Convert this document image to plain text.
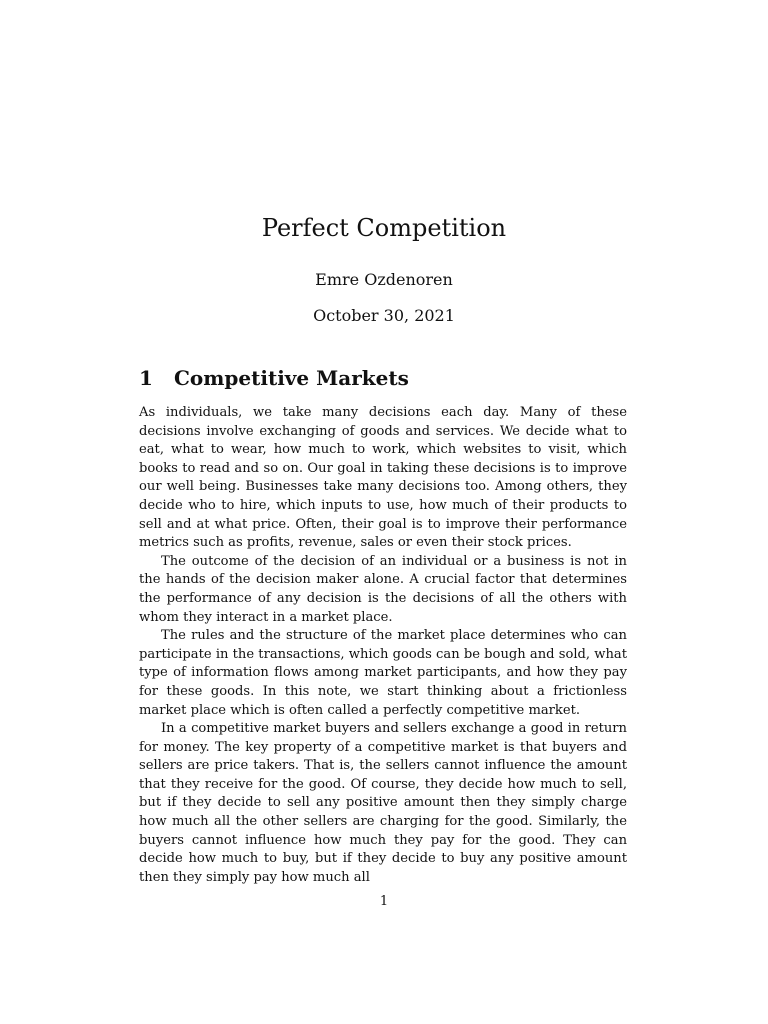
Perfect Competition

Emre Ozdenoren

October 30, 2021

1 Competitive Markets

As individuals, we take many decisions each day. Many of these decisions involve exchanging of goods and services. We decide what to eat, what to wear, how much to work, which websites to visit, which books to read and so on. Our goal in taking these decisions is to improve our well being. Businesses take many decisions too. Among others, they decide who to hire, which inputs to use, how much of their products to sell and at what price. Often, their goal is to improve their performance metrics such as profits, revenue, sales or even their stock prices.

The outcome of the decision of an individual or a business is not in the hands of the decision maker alone. A crucial factor that determines the performance of any decision is the decisions of all the others with whom they interact in a market place.

The rules and the structure of the market place determines who can participate in the transactions, which goods can be bough and sold, what type of information flows among market participants, and how they pay for these goods. In this note, we start thinking about a frictionless market place which is often called a perfectly competitive market.

In a competitive market buyers and sellers exchange a good in return for money. The key property of a competitive market is that buyers and sellers are price takers. That is, the sellers cannot influence the amount that they receive for the good. Of course, they decide how much to sell, but if they decide to sell any positive amount then they simply charge how much all the other sellers are charging for the good. Similarly, the buyers cannot influence how much they pay for the good. They can decide how much to buy, but if they decide to buy any positive amount then they simply pay how much all

1
